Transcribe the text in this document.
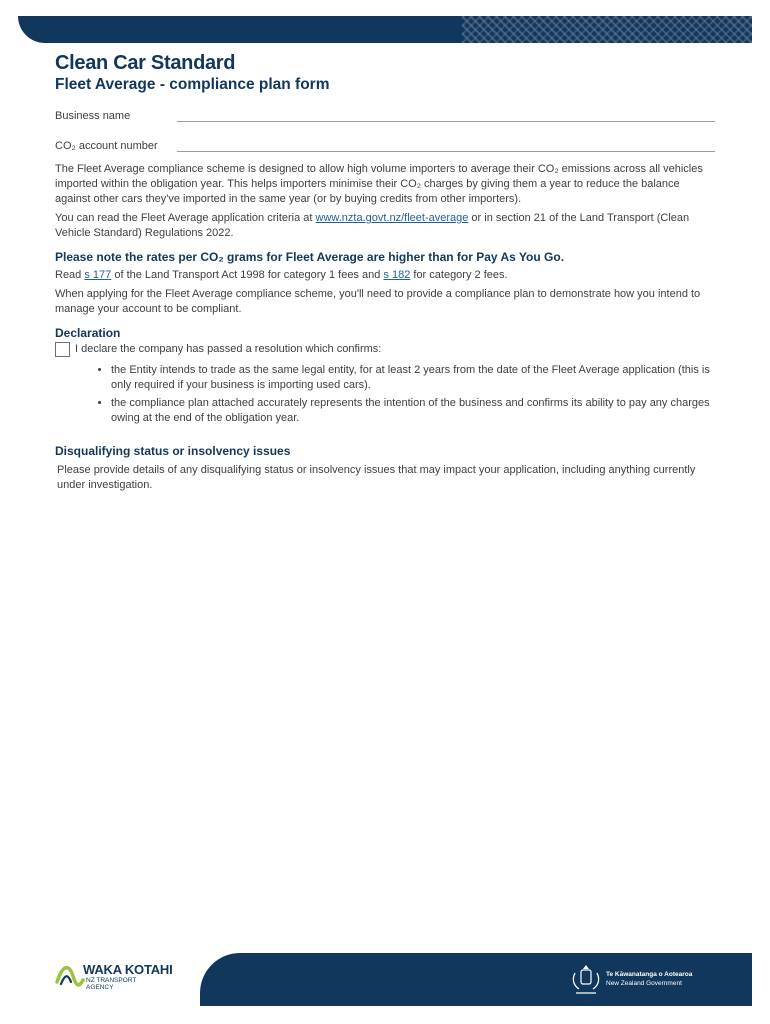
Clean Car Standard
Fleet Average - compliance plan form
Business name
CO₂ account number

The Fleet Average compliance scheme is designed to allow high volume importers to average their CO₂ emissions across all vehicles imported within the obligation year. This helps importers minimise their CO₂ charges by giving them a year to reduce the balance against other cars they've imported in the same year (or by buying credits from other importers).

You can read the Fleet Average application criteria at www.nzta.govt.nz/fleet-average or in section 21 of the Land Transport (Clean Vehicle Standard) Regulations 2022.

Please note the rates per CO₂ grams for Fleet Average are higher than for Pay As You Go.

Read s 177 of the Land Transport Act 1998 for category 1 fees and s 182 for category 2 fees.

When applying for the Fleet Average compliance scheme, you'll need to provide a compliance plan to demonstrate how you intend to manage your account to be compliant.

Declaration

I declare the company has passed a resolution which confirms:

• the Entity intends to trade as the same legal entity, for at least 2 years from the date of the Fleet Average application (this is only required if your business is importing used cars).
• the compliance plan attached accurately represents the intention of the business and confirms its ability to pay any charges owing at the end of the obligation year.
Disqualifying status or insolvency issues

Please provide details of any disqualifying status or insolvency issues that may impact your application, including anything currently under investigation.

WAKA KOTAHI
NZ TRANSPORT
AGENCY
Te Kāwanatanga o Aotearoa
New Zealand Government
